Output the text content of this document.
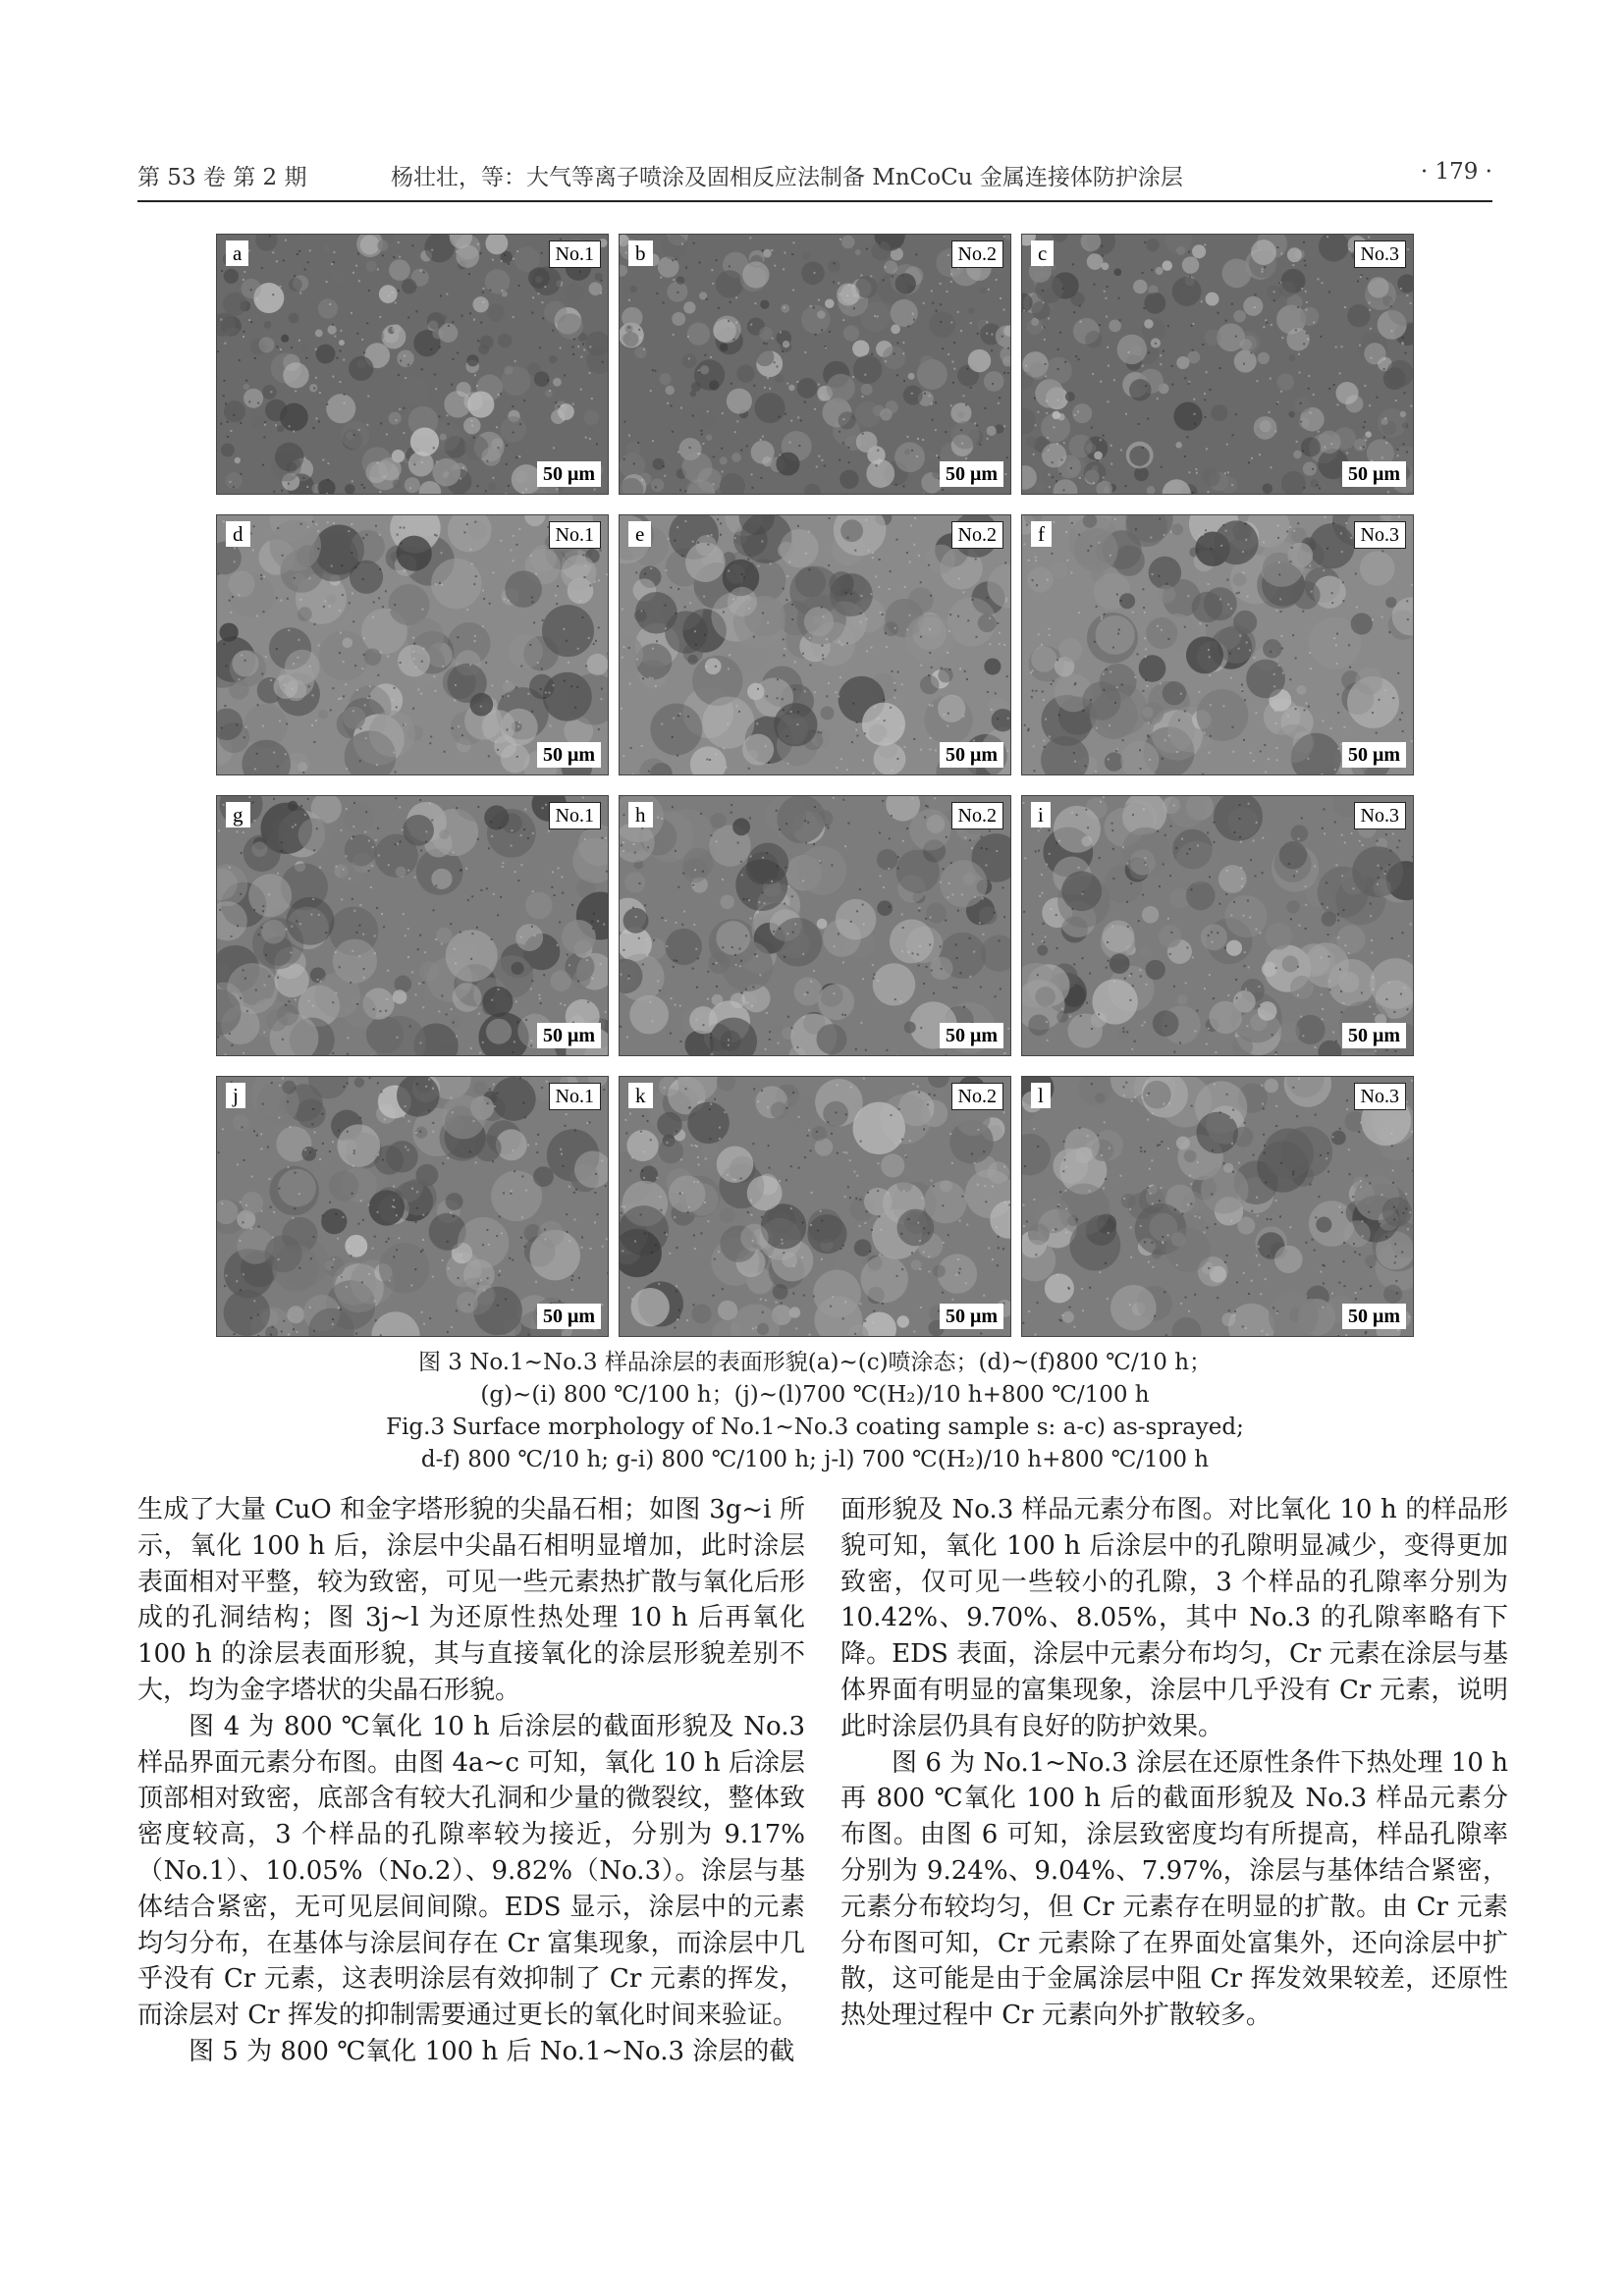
第 53 卷 第 2 期	杨壮壮，等：大气等离子喷涂及固相反应法制备 MnCoCu 金属连接体防护涂层	· 179 ·
a	No.1
50 μm
b	No.2
50 μm
c	No.3
50 μm
d	No.1
50 μm
e	No.2
50 μm
f	No.3
50 μm
g	No.1
50 μm
h	No.2
50 μm
i	No.3
50 μm
j	No.1
50 μm
k	No.2
50 μm
l	No.3
50 μm
图 3 No.1~No.3 样品涂层的表面形貌(a)~(c)喷涂态；(d)~(f)800 ℃/10 h；
(g)~(i) 800 ℃/100 h；(j)~(l)700 ℃(H₂)/10 h+800 ℃/100 h
Fig.3 Surface morphology of No.1~No.3 coating sample s: a-c) as-sprayed;
d-f) 800 ℃/10 h; g-i) 800 ℃/100 h; j-l) 700 ℃(H₂)/10 h+800 ℃/100 h

生成了大量 CuO 和金字塔形貌的尖晶石相；如图 3g~i 所示，氧化 100 h 后，涂层中尖晶石相明显增加，此时涂层表面相对平整，较为致密，可见一些元素热扩散与氧化后形成的孔洞结构；图 3j~l 为还原性热处理 10 h 后再氧化 100 h 的涂层表面形貌，其与直接氧化的涂层形貌差别不大，均为金字塔状的尖晶石形貌。

图 4 为 800 ℃氧化 10 h 后涂层的截面形貌及 No.3 样品界面元素分布图。由图 4a~c 可知，氧化 10 h 后涂层顶部相对致密，底部含有较大孔洞和少量的微裂纹，整体致密度较高，3 个样品的孔隙率较为接近，分别为 9.17%（No.1）、10.05%（No.2）、9.82%（No.3）。涂层与基体结合紧密，无可见层间间隙。EDS 显示，涂层中的元素均匀分布，在基体与涂层间存在 Cr 富集现象，而涂层中几乎没有 Cr 元素，这表明涂层有效抑制了 Cr 元素的挥发，而涂层对 Cr 挥发的抑制需要通过更长的氧化时间来验证。

图 5 为 800 ℃氧化 100 h 后 No.1~No.3 涂层的截

面形貌及 No.3 样品元素分布图。对比氧化 10 h 的样品形貌可知，氧化 100 h 后涂层中的孔隙明显减少，变得更加致密，仅可见一些较小的孔隙，3 个样品的孔隙率分别为 10.42%、9.70%、8.05%，其中 No.3 的孔隙率略有下降。EDS 表面，涂层中元素分布均匀，Cr 元素在涂层与基体界面有明显的富集现象，涂层中几乎没有 Cr 元素，说明此时涂层仍具有良好的防护效果。

图 6 为 No.1~No.3 涂层在还原性条件下热处理 10 h 再 800 ℃氧化 100 h 后的截面形貌及 No.3 样品元素分布图。由图 6 可知，涂层致密度均有所提高，样品孔隙率分别为 9.24%、9.04%、7.97%，涂层与基体结合紧密，元素分布较均匀，但 Cr 元素存在明显的扩散。由 Cr 元素分布图可知，Cr 元素除了在界面处富集外，还向涂层中扩散，这可能是由于金属涂层中阻 Cr 挥发效果较差，还原性热处理过程中 Cr 元素向外扩散较多。
